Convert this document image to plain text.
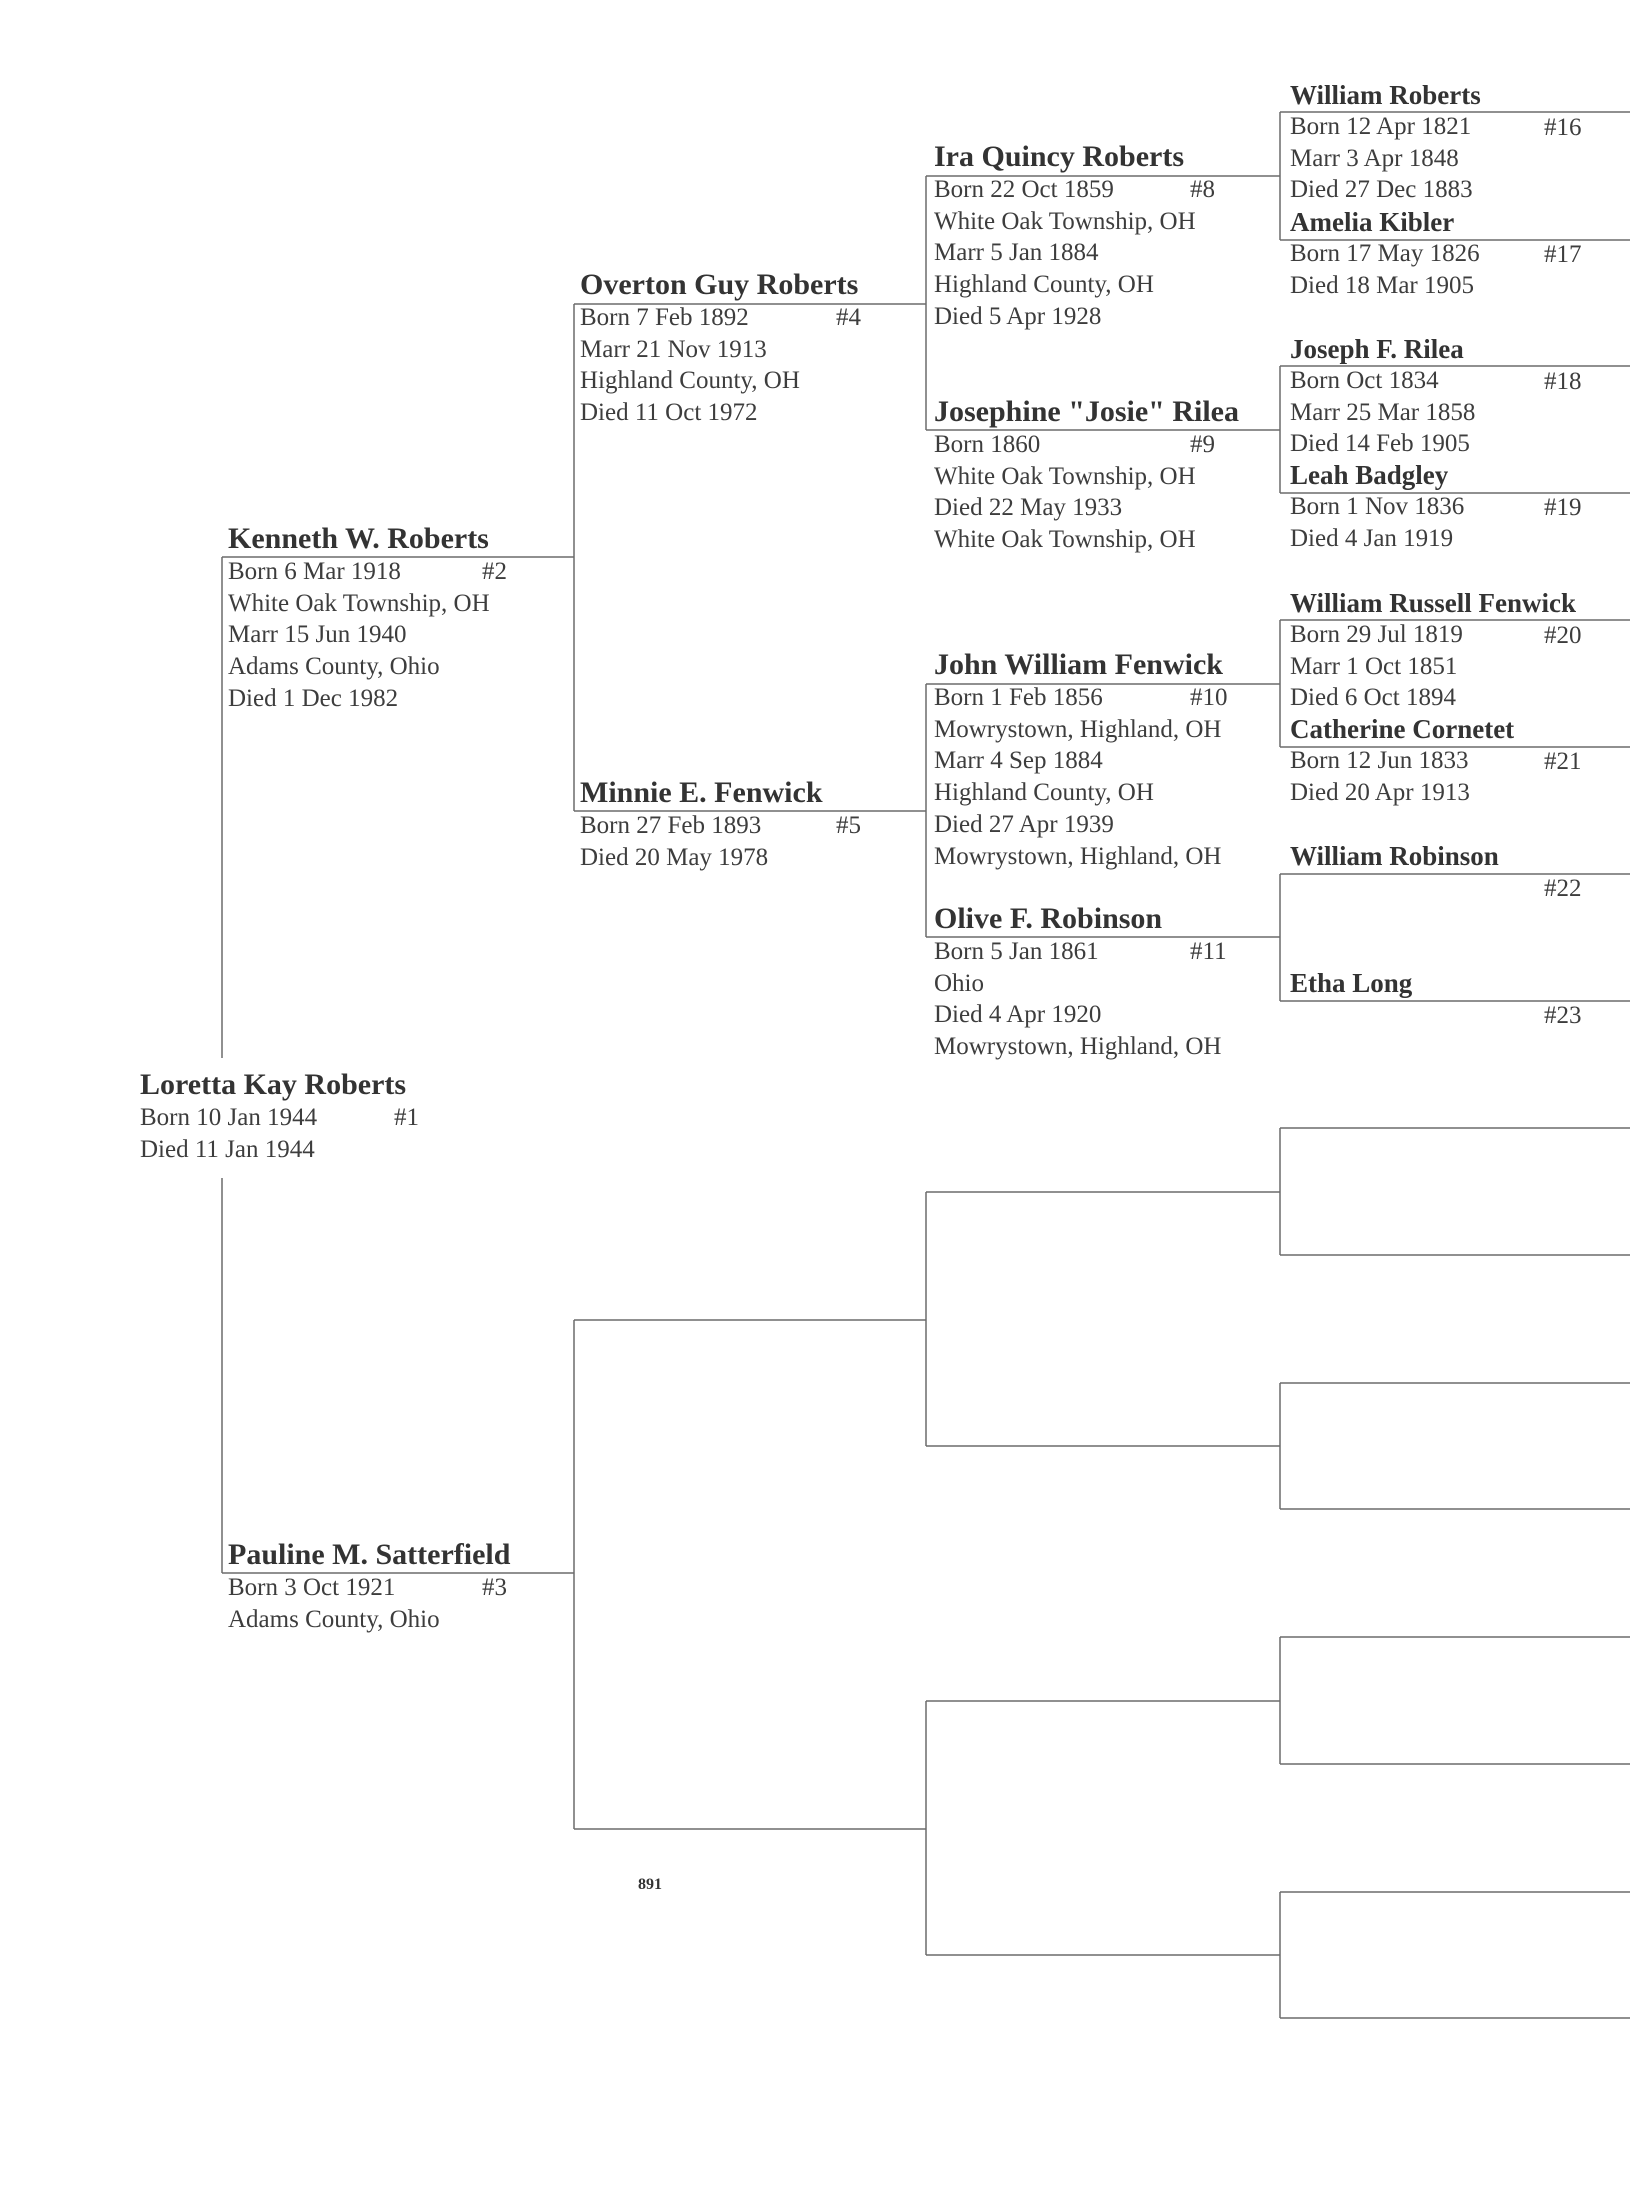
Loretta Kay Roberts
Born 10 Jan 1944
Died 11 Jan 1944
#1
Kenneth W. Roberts
Born 6 Mar 1918
White Oak Township, OH
Marr 15 Jun 1940
Adams County, Ohio
Died 1 Dec 1982
#2
Pauline M. Satterfield
Born 3 Oct 1921
Adams County, Ohio
#3
Overton Guy Roberts
Born 7 Feb 1892
Marr 21 Nov 1913
Highland County, OH
Died 11 Oct 1972
#4
Minnie E. Fenwick
Born 27 Feb 1893
Died 20 May 1978
#5
Ira Quincy Roberts
Born 22 Oct 1859
White Oak Township, OH
Marr 5 Jan 1884
Highland County, OH
Died 5 Apr 1928
#8
Josephine "Josie" Rilea
Born 1860
White Oak Township, OH
Died 22 May 1933
White Oak Township, OH
#9
John William Fenwick
Born 1 Feb 1856
Mowrystown, Highland, OH
Marr 4 Sep 1884
Highland County, OH
Died 27 Apr 1939
Mowrystown, Highland, OH
#10
Olive F. Robinson
Born 5 Jan 1861
Ohio
Died 4 Apr 1920
Mowrystown, Highland, OH
#11
William Roberts
Born 12 Apr 1821
Marr 3 Apr 1848
Died 27 Dec 1883
#16
Amelia Kibler
Born 17 May 1826
Died 18 Mar 1905
#17
Joseph F. Rilea
Born Oct 1834
Marr 25 Mar 1858
Died 14 Feb 1905
#18
Leah Badgley
Born 1 Nov 1836
Died 4 Jan 1919
#19
William Russell Fenwick
Born 29 Jul 1819
Marr 1 Oct 1851
Died 6 Oct 1894
#20
Catherine Cornetet
Born 12 Jun 1833
Died 20 Apr 1913
#21
William Robinson
#22
Etha Long
#23
891
